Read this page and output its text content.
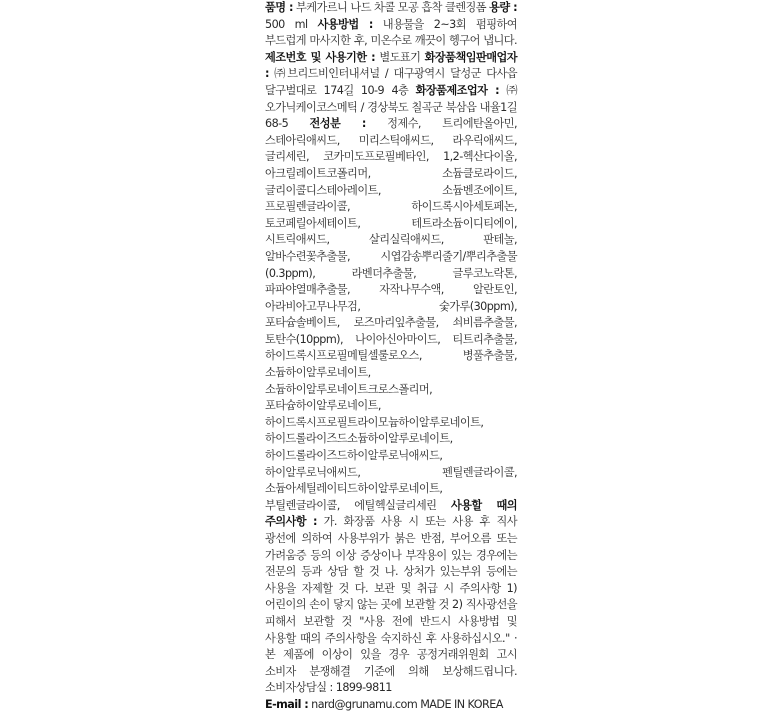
품명 : 부케가르니 나드 차콜 모공 흡착 클렌징폼 용량 : 500 ml 사용방법 : 내용물을 2~3회 펌핑하여 부드럽게 마사지한 후, 미온수로 깨끗이 헹구어 냅니다. 제조번호 및 사용기한 : 별도표기 화장품책임판매업자 : ㈜브리드비인터내셔널 / 대구광역시 달성군 다사읍 달구벌대로 174길 10-9 4층 화장품제조업자 : ㈜오가닉케이코스메틱 / 경상북도 칠곡군 북삼읍 내율1길 68-5 전성분 : 정제수, 트리에탄올아민, 스테아릭애씨드, 미리스틱애씨드, 라우릭애씨드, 글리세린, 코카미도프로필베타인, 1,2-헥산다이올, 아크릴레이트코폴리머, 소듐클로라이드, 글리이콜디스테아레이트, 소듐벤조에이트, 프로필렌글라이콜, 하이드록시아세토페논, 토코페릴아세테이트, 테트라소듐이디티에이, 시트릭애씨드, 살리실릭애씨드, 판테놀, 알바수련꽃추출물, 시엽감송뿌리줄기/뿌리추출물(0.3ppm), 라벤더추출물, 글루코노락톤, 파파야열매추출물, 자작나무수액, 알란토인, 아라비아고무나무검, 숯가루(30ppm), 포타슘솔베이트, 로즈마리잎추출물, 쇠비름추출물, 토탄수(10ppm), 나이아신아마이드, 티트리추출물, 하이드록시프로필메틸셀룰로오스, 병풀추출물, 소듐하이알루로네이트, 소듐하이알루로네이트크로스폴리머, 포타슘하이알루로네이트, 하이드록시프로필트라이모늄하이알루로네이트, 하이드롤라이즈드소듐하이알루로네이트, 하이드롤라이즈드하이알루로닉애씨드, 하이알루로닉애씨드, 펜틸렌글라이콜, 소듐아세틸레이티드하이알루로네이트, 부틸렌글라이콜, 에틸헥실글리세린 사용할 때의 주의사항 : 가. 화장품 사용 시 또는 사용 후 직사 광선에 의하여 사용부위가 붉은 반점, 부어오름 또는 가려움증 등의 이상 증상이나 부작용이 있는 경우에는 전문의 등과 상담 할 것 나. 상처가 있는부위 등에는 사용을 자제할 것 다. 보관 및 취급 시 주의사항 1) 어린이의 손이 닿지 않는 곳에 보관할 것 2) 직사광선을 피해서 보관할 것 "사용 전에 반드시 사용방법 및 사용할 때의 주의사항을 숙지하신 후 사용하십시오." · 본 제품에 이상이 있을 경우 공정거래위원회 고시 소비자 분쟁해결 기준에 의해 보상해드립니다. 소비자상담실 : 1899-9811

E-mail : nard@grunamu.com MADE IN KOREA
